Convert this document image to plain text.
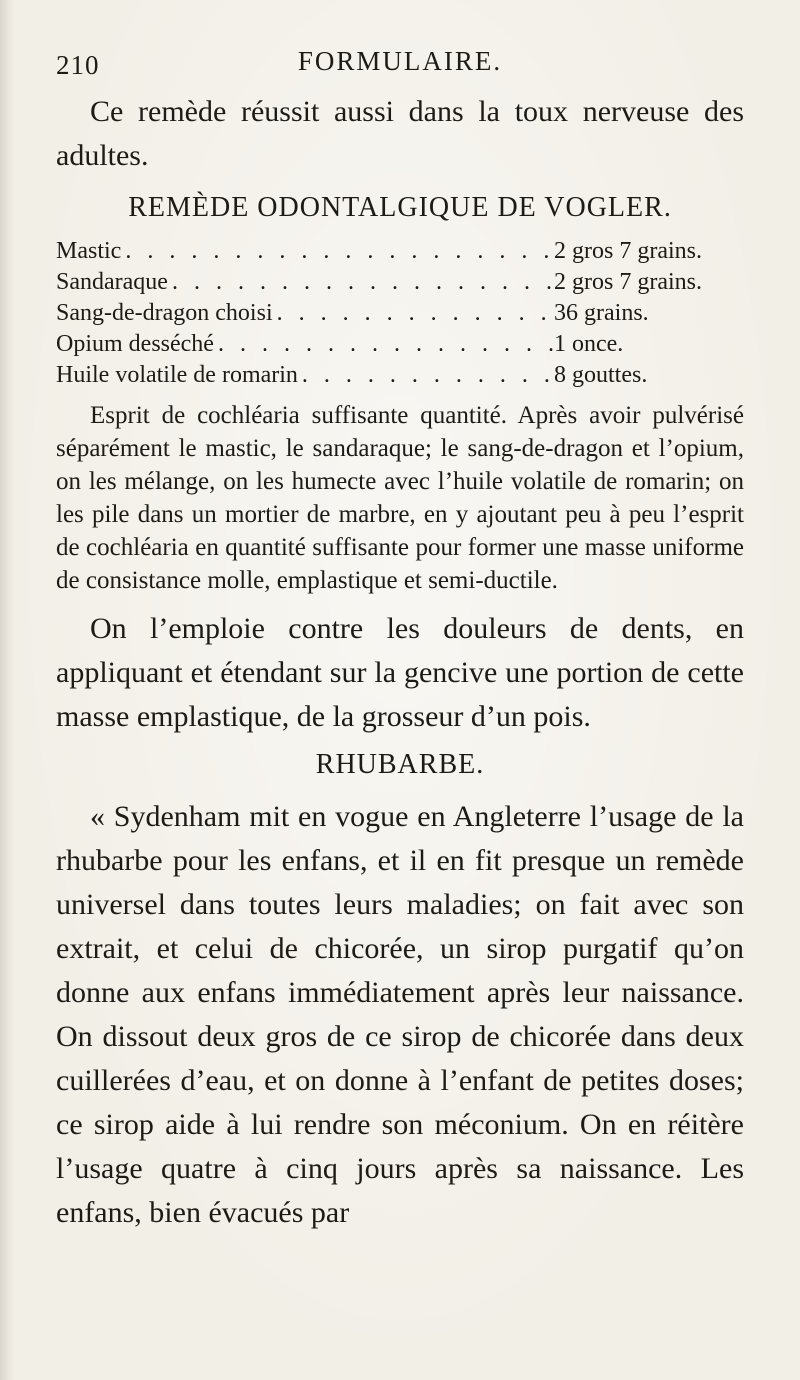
210	FORMULAIRE.

Ce remède réussit aussi dans la toux nerveuse des adultes.

REMÈDE ODONTALGIQUE DE VOGLER.
Mastic . . .	2 gros 7 grains.
Sandaraque . . .	2 gros 7 grains.
Sang-de-dragon choisi . . .	36 grains.
Opium desséché . . .	1 once.
Huile volatile de romarin . . .	8 gouttes.

Esprit de cochléaria suffisante quantité. Après avoir pulvérisé séparément le mastic, le sandaraque; le sang-de-dragon et l’opium, on les mélange, on les humecte avec l’huile volatile de romarin; on les pile dans un mortier de marbre, en y ajoutant peu à peu l’esprit de cochléaria en quantité suffisante pour former une masse uniforme de consistance molle, emplastique et semi-ductile.

On l’emploie contre les douleurs de dents, en appliquant et étendant sur la gencive une portion de cette masse emplastique, de la grosseur d’un pois.

RHUBARBE.

« Sydenham mit en vogue en Angleterre l’usage de la rhubarbe pour les enfans, et il en fit presque un remède universel dans toutes leurs maladies; on fait avec son extrait, et celui de chicorée, un sirop purgatif qu’on donne aux enfans immédiatement après leur naissance. On dissout deux gros de ce sirop de chicorée dans deux cuillerées d’eau, et on donne à l’enfant de petites doses; ce sirop aide à lui rendre son méconium. On en réitère l’usage quatre à cinq jours après sa naissance. Les enfans, bien évacués par
